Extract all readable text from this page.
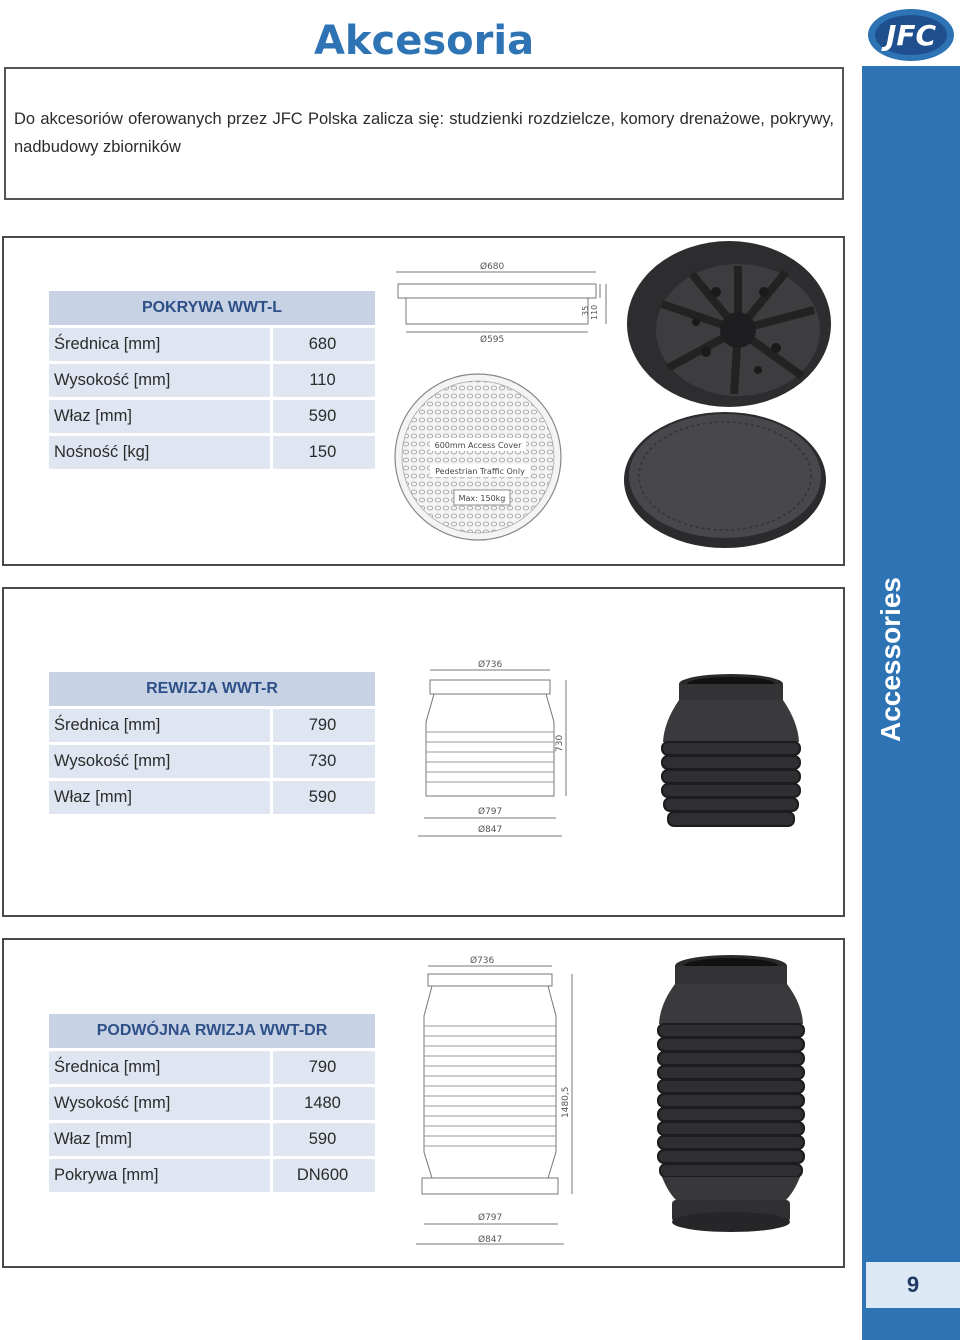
Akcesoria	JFC
Accessories
9
Do akcesoriów oferowanych przez JFC Polska zalicza się: studzienki rozdzielcze, komory drenażowe, pokrywy, nadbudowy zbiorników
POKRYWA WWT-L	
Średnica [mm]	680
Wysokość [mm]	110
Właz [mm]	590
Nośność [kg]	150
Ø680
Ø595
35 110
600mm Access Cover
Pedestrian Traffic Only
Max: 150kg
REWIZJA WWT-R	
Średnica [mm]	790
Wysokość [mm]	730
Właz [mm]	590
Ø736
730
Ø797
Ø847
PODWÓJNA RWIZJA WWT-DR	
Średnica [mm]	790
Wysokość [mm]	1480
Właz [mm]	590
Pokrywa [mm]	DN600
Ø736
1480,5
Ø797
Ø847
